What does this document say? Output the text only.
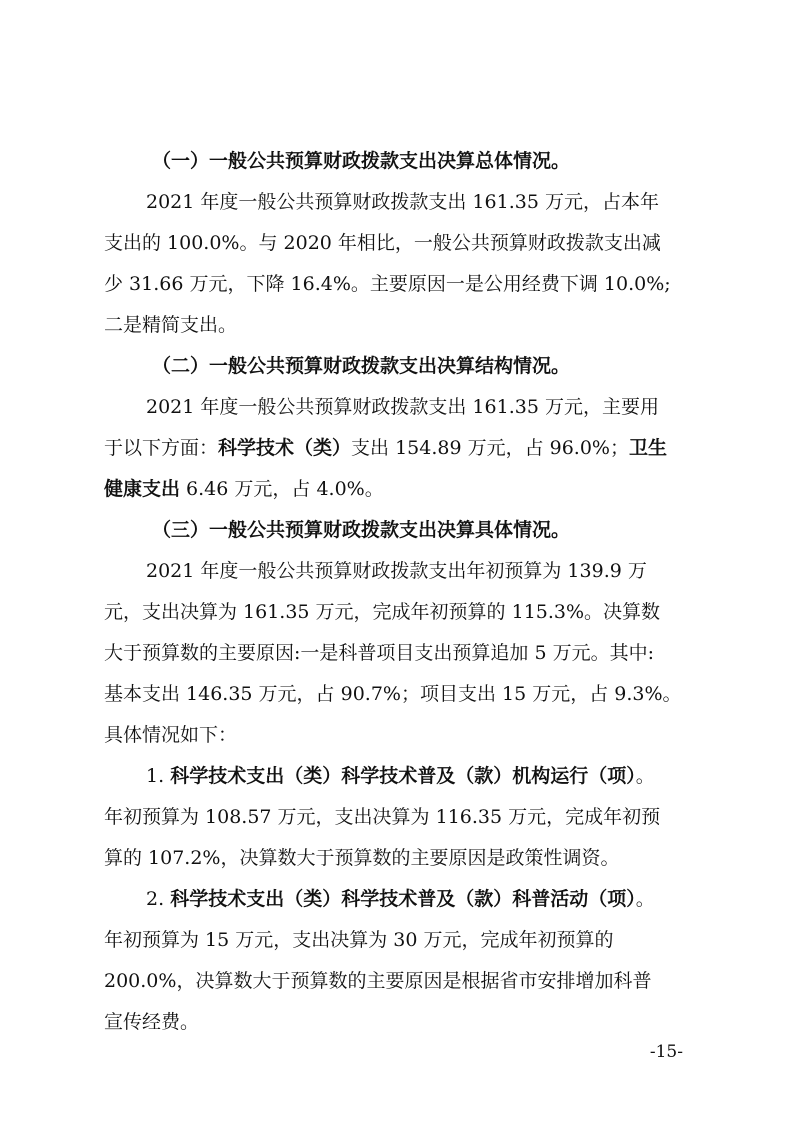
（一）一般公共预算财政拨款支出决算总体情况。
2021 年度一般公共预算财政拨款支出 161.35 万元，占本年
支出的 100.0%。与 2020 年相比，一般公共预算财政拨款支出减
少 31.66 万元，下降 16.4%。主要原因一是公用经费下调 10.0%;
二是精简支出。
（二）一般公共预算财政拨款支出决算结构情况。
2021 年度一般公共预算财政拨款支出 161.35 万元，主要用
于以下方面：科学技术（类）支出 154.89 万元，占 96.0%；卫生
健康支出 6.46 万元，占 4.0%。
（三）一般公共预算财政拨款支出决算具体情况。
2021 年度一般公共预算财政拨款支出年初预算为 139.9 万
元，支出决算为 161.35 万元，完成年初预算的 115.3%。决算数
大于预算数的主要原因:一是科普项目支出预算追加 5 万元。其中:
基本支出 146.35 万元，占 90.7%；项目支出 15 万元，占 9.3%。
具体情况如下：
1. 科学技术支出（类）科学技术普及（款）机构运行（项）。
年初预算为 108.57 万元，支出决算为 116.35 万元，完成年初预
算的 107.2%，决算数大于预算数的主要原因是政策性调资。
2. 科学技术支出（类）科学技术普及（款）科普活动（项）。
年初预算为 15 万元，支出决算为 30 万元，完成年初预算的
200.0%，决算数大于预算数的主要原因是根据省市安排增加科普
宣传经费。
-15-
